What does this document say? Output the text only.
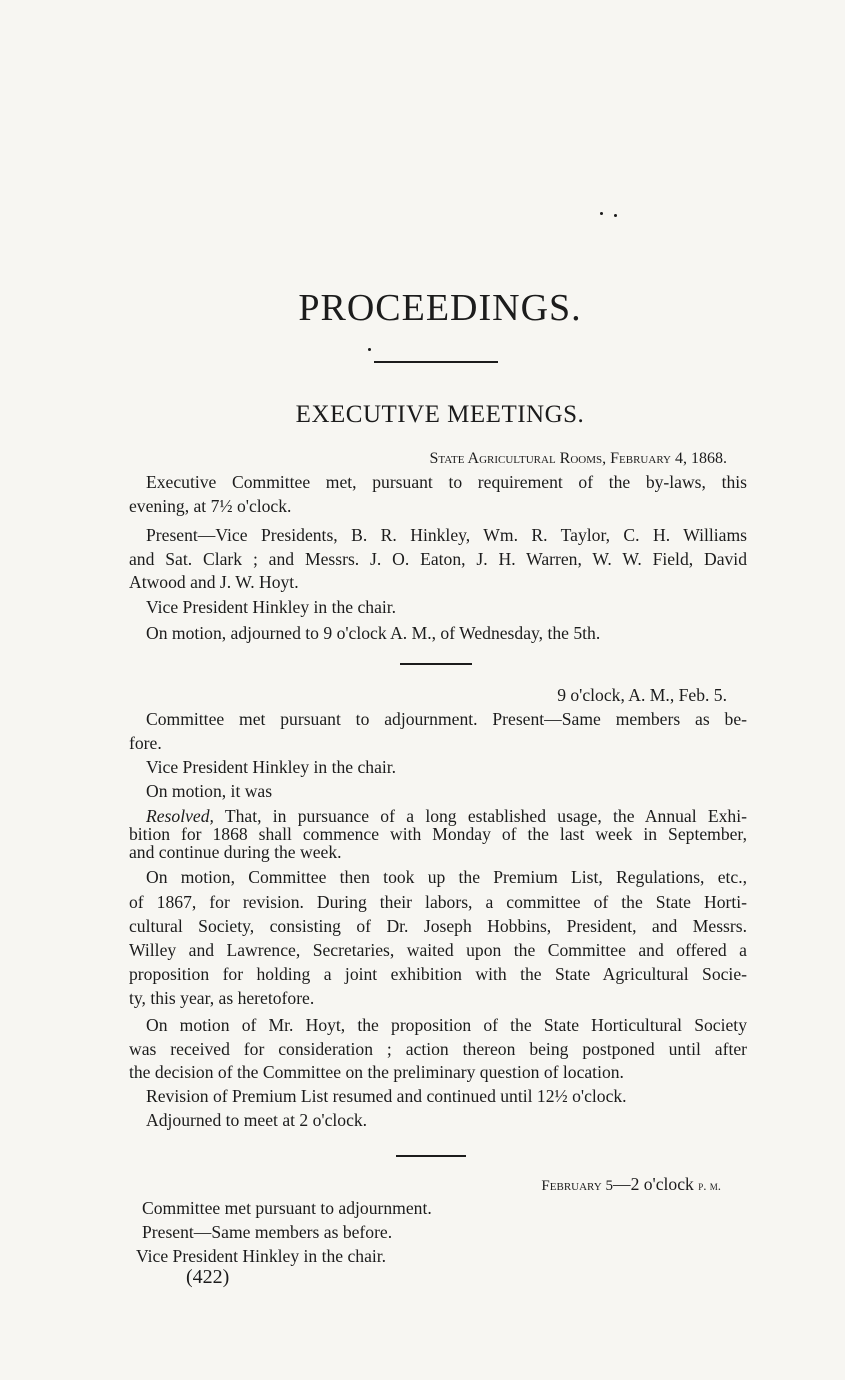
PROCEEDINGS.
EXECUTIVE MEETINGS.
State Agricultural Rooms, February 4, 1868.
Executive Committee met, pursuant to requirement of the by-laws, this
evening, at 7½ o'clock.
Present—Vice Presidents, B. R. Hinkley, Wm. R. Taylor, C. H. Williams
and Sat. Clark ; and Messrs. J. O. Eaton, J. H. Warren, W. W. Field, David
Atwood and J. W. Hoyt.
Vice President Hinkley in the chair.
On motion, adjourned to 9 o'clock A. M., of Wednesday, the 5th.
9 o'clock, A. M., Feb. 5.
Committee met pursuant to adjournment. Present—Same members as be-
fore.
Vice President Hinkley in the chair.
On motion, it was
Resolved, That, in pursuance of a long established usage, the Annual Exhi-
bition for 1868 shall commence with Monday of the last week in September,
and continue during the week.
On motion, Committee then took up the Premium List, Regulations, etc.,
of 1867, for revision. During their labors, a committee of the State Horti-
cultural Society, consisting of Dr. Joseph Hobbins, President, and Messrs.
Willey and Lawrence, Secretaries, waited upon the Committee and offered a
proposition for holding a joint exhibition with the State Agricultural Socie-
ty, this year, as heretofore.
On motion of Mr. Hoyt, the proposition of the State Horticultural Society
was received for consideration ; action thereon being postponed until after
the decision of the Committee on the preliminary question of location.
Revision of Premium List resumed and continued until 12½ o'clock.
Adjourned to meet at 2 o'clock.
February 5—2 o'clock p. m.
Committee met pursuant to adjournment.
Present—Same members as before.
Vice President Hinkley in the chair.
(422)
